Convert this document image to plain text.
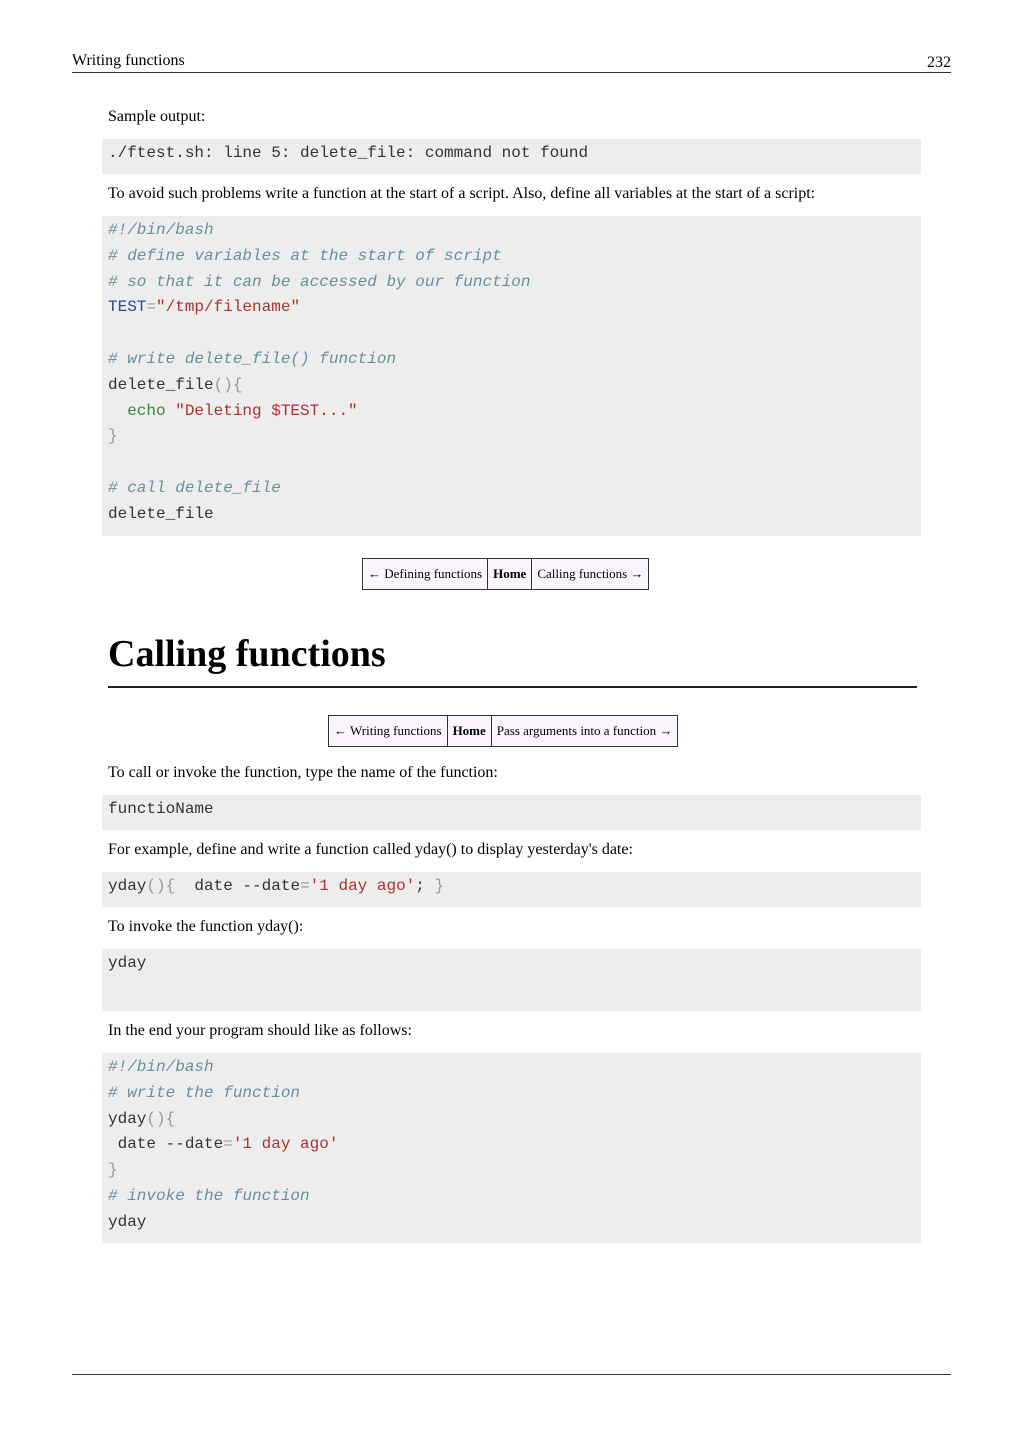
Writing functions	232
Sample output:
./ftest.sh: line 5: delete_file: command not found
To avoid such problems write a function at the start of a script. Also, define all variables at the start of a script:
#!/bin/bash
# define variables at the start of script
# so that it can be accessed by our function
TEST="/tmp/filename"

# write delete_file() function
delete_file(){
echo "Deleting $TEST..."
}

# call delete_file
delete_file
← Defining functions	Home	Calling functions →
Calling functions
← Writing functions	Home	Pass arguments into a function →
To call or invoke the function, type the name of the function:
functioName
For example, define and write a function called yday() to display yesterday's date:
yday(){  date --date='1 day ago'; }
To invoke the function yday():
yday
In the end your program should like as follows:
#!/bin/bash
# write the function
yday(){
date --date='1 day ago'
}
# invoke the function
yday
